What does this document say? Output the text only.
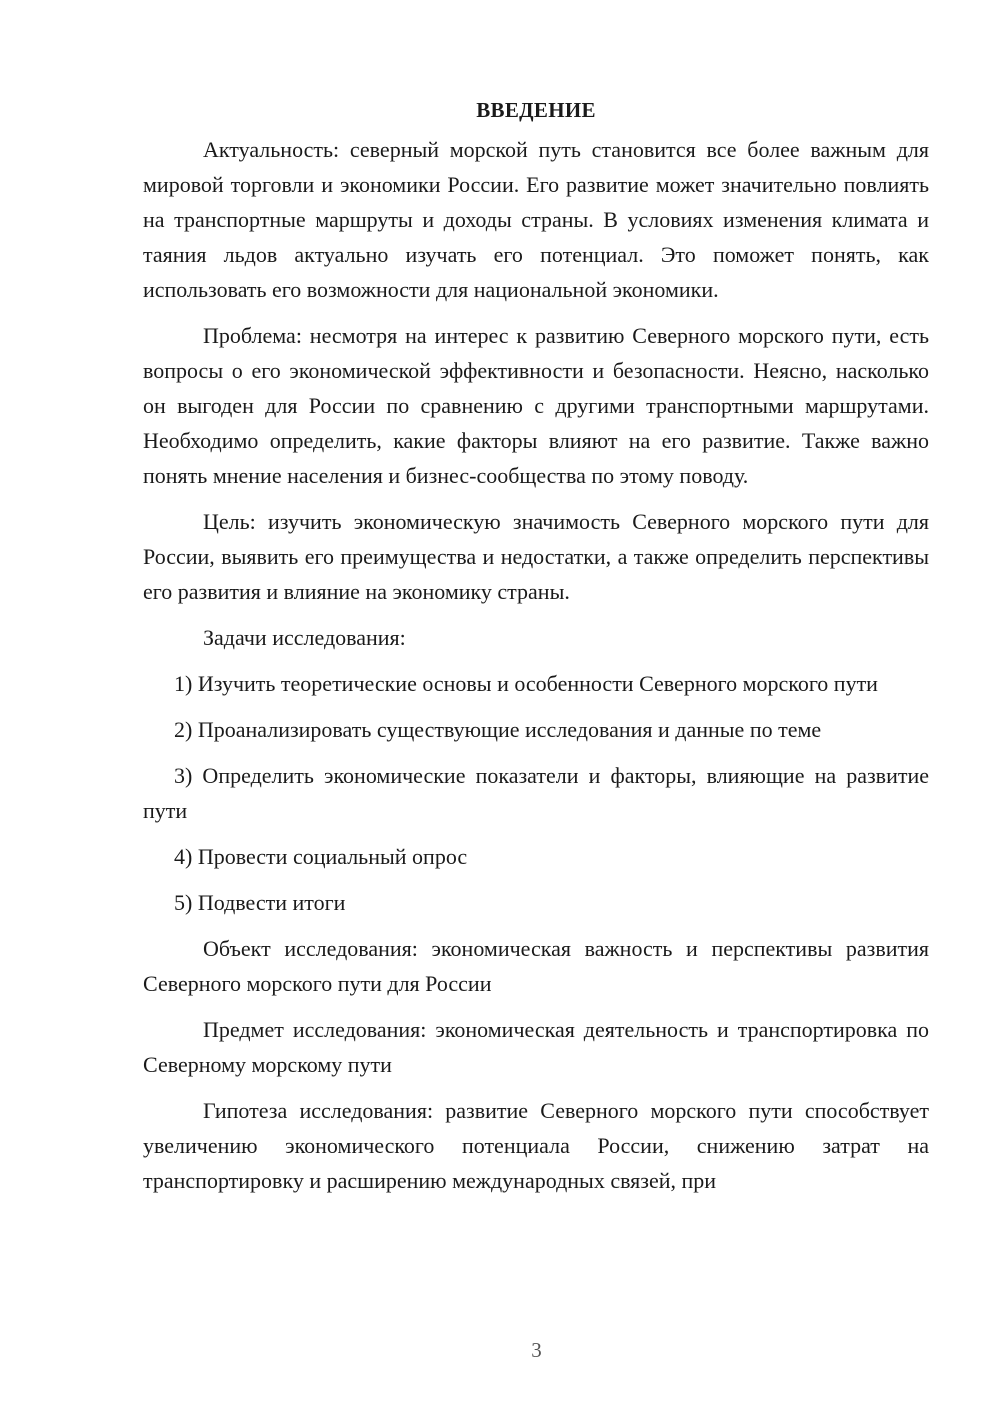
ВВЕДЕНИЕ

Актуальность: северный морской путь становится все более важным для мировой торговли и экономики России. Его развитие может значительно повлиять на транспортные маршруты и доходы страны. В условиях изменения климата и таяния льдов актуально изучать его потенциал. Это поможет понять, как использовать его возможности для национальной экономики.

Проблема: несмотря на интерес к развитию Северного морского пути, есть вопросы о его экономической эффективности и безопасности. Неясно, насколько он выгоден для России по сравнению с другими транспортными маршрутами. Необходимо определить, какие факторы влияют на его развитие. Также важно понять мнение населения и бизнес-сообщества по этому поводу.

Цель: изучить экономическую значимость Северного морского пути для России, выявить его преимущества и недостатки, а также определить перспективы его развития и влияние на экономику страны.

Задачи исследования:

1) Изучить теоретические основы и особенности Северного морского пути

2) Проанализировать существующие исследования и данные по теме

3) Определить экономические показатели и факторы, влияющие на развитие пути

4) Провести социальный опрос

5) Подвести итоги

Объект исследования: экономическая важность и перспективы развития Северного морского пути для России

Предмет исследования: экономическая деятельность и транспортировка по Северному морскому пути

Гипотеза исследования: развитие Северного морского пути способствует увеличению экономического потенциала России, снижению затрат на транспортировку и расширению международных связей, при

3
